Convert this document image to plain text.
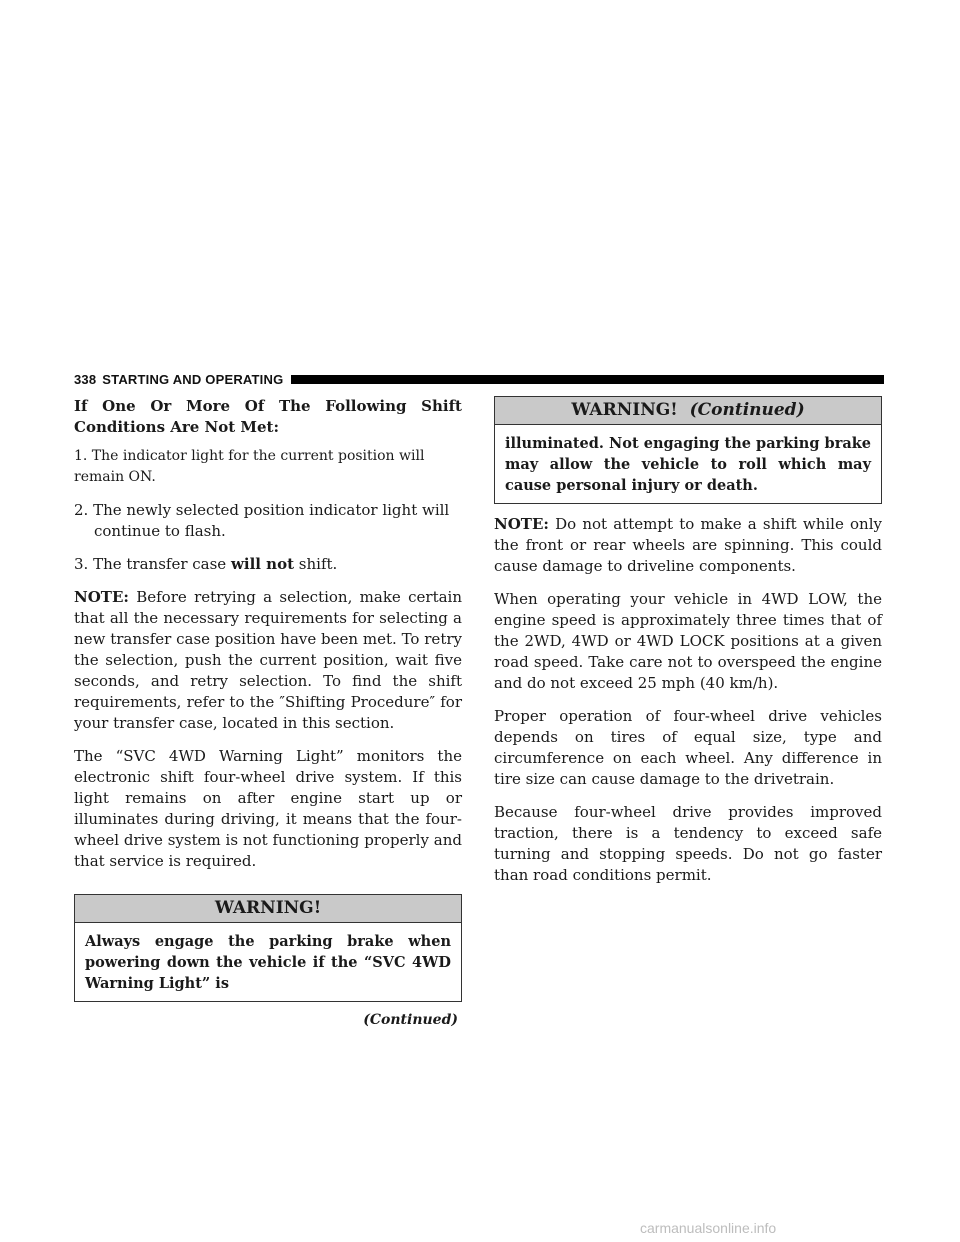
338 STARTING AND OPERATING

If One Or More Of The Following Shift Conditions Are Not Met:

1. The indicator light for the current position will remain ON.

2. The newly selected position indicator light will continue to flash.

3. The transfer case will not shift.

NOTE: Before retrying a selection, make certain that all the necessary requirements for selecting a new transfer case position have been met. To retry the selection, push the current position, wait five seconds, and retry selection. To find the shift requirements, refer to the ″Shifting Procedure″ for your transfer case, located in this section.

The “SVC 4WD Warning Light” monitors the electronic shift four-wheel drive system. If this light remains on after engine start up or illuminates during driving, it means that the four-wheel drive system is not functioning properly and that service is required.

WARNING!
Always engage the parking brake when powering down the vehicle if the “SVC 4WD Warning Light” is
(Continued)
WARNING! (Continued)
illuminated. Not engaging the parking brake may allow the vehicle to roll which may cause personal injury or death.

NOTE: Do not attempt to make a shift while only the front or rear wheels are spinning. This could cause damage to driveline components.

When operating your vehicle in 4WD LOW, the engine speed is approximately three times that of the 2WD, 4WD or 4WD LOCK positions at a given road speed. Take care not to overspeed the engine and do not exceed 25 mph (40 km/h).

Proper operation of four-wheel drive vehicles depends on tires of equal size, type and circumference on each wheel. Any difference in tire size can cause damage to the drivetrain.

Because four-wheel drive provides improved traction, there is a tendency to exceed safe turning and stopping speeds. Do not go faster than road conditions permit.

carmanualsonline.info
